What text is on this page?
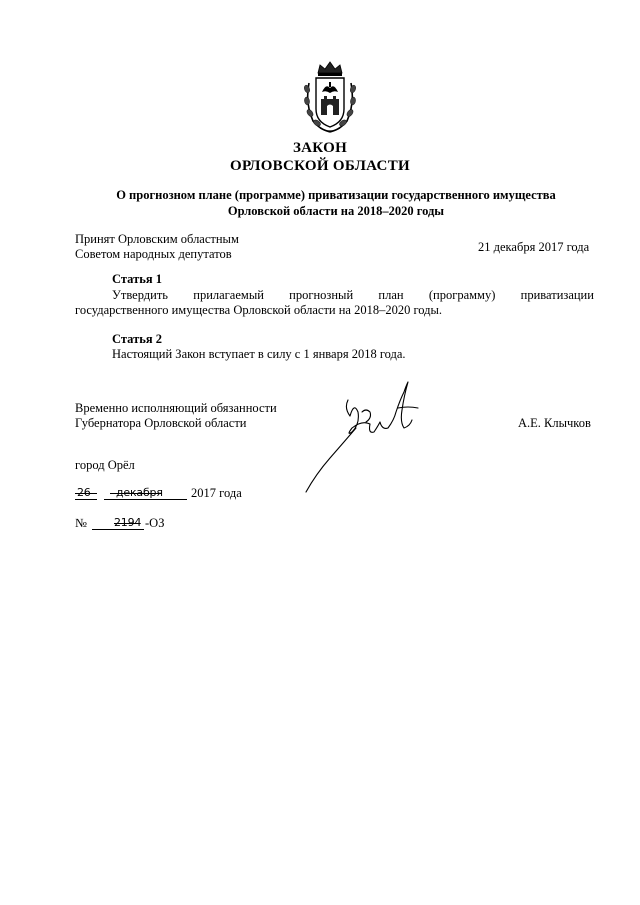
ЗАКОН
ОРЛОВСКОЙ ОБЛАСТИ
О прогнозном плане (программе) приватизации государственного имущества
Орловской области на 2018–2020 годы
Принят Орловским областным
Советом народных депутатов	21 декабря 2017 года
Статья 1
Утвердить прилагаемый прогнозный план (программу) приватизации
государственного имущества Орловской области на 2018–2020 годы.
Статья 2
Настоящий Закон вступает в силу с 1 января 2018 года.
Временно исполняющий обязанности
Губернатора Орловской области	А.Е. Клычков
город Орёл
26 декабря 2017 года
№ 2194 -ОЗ
